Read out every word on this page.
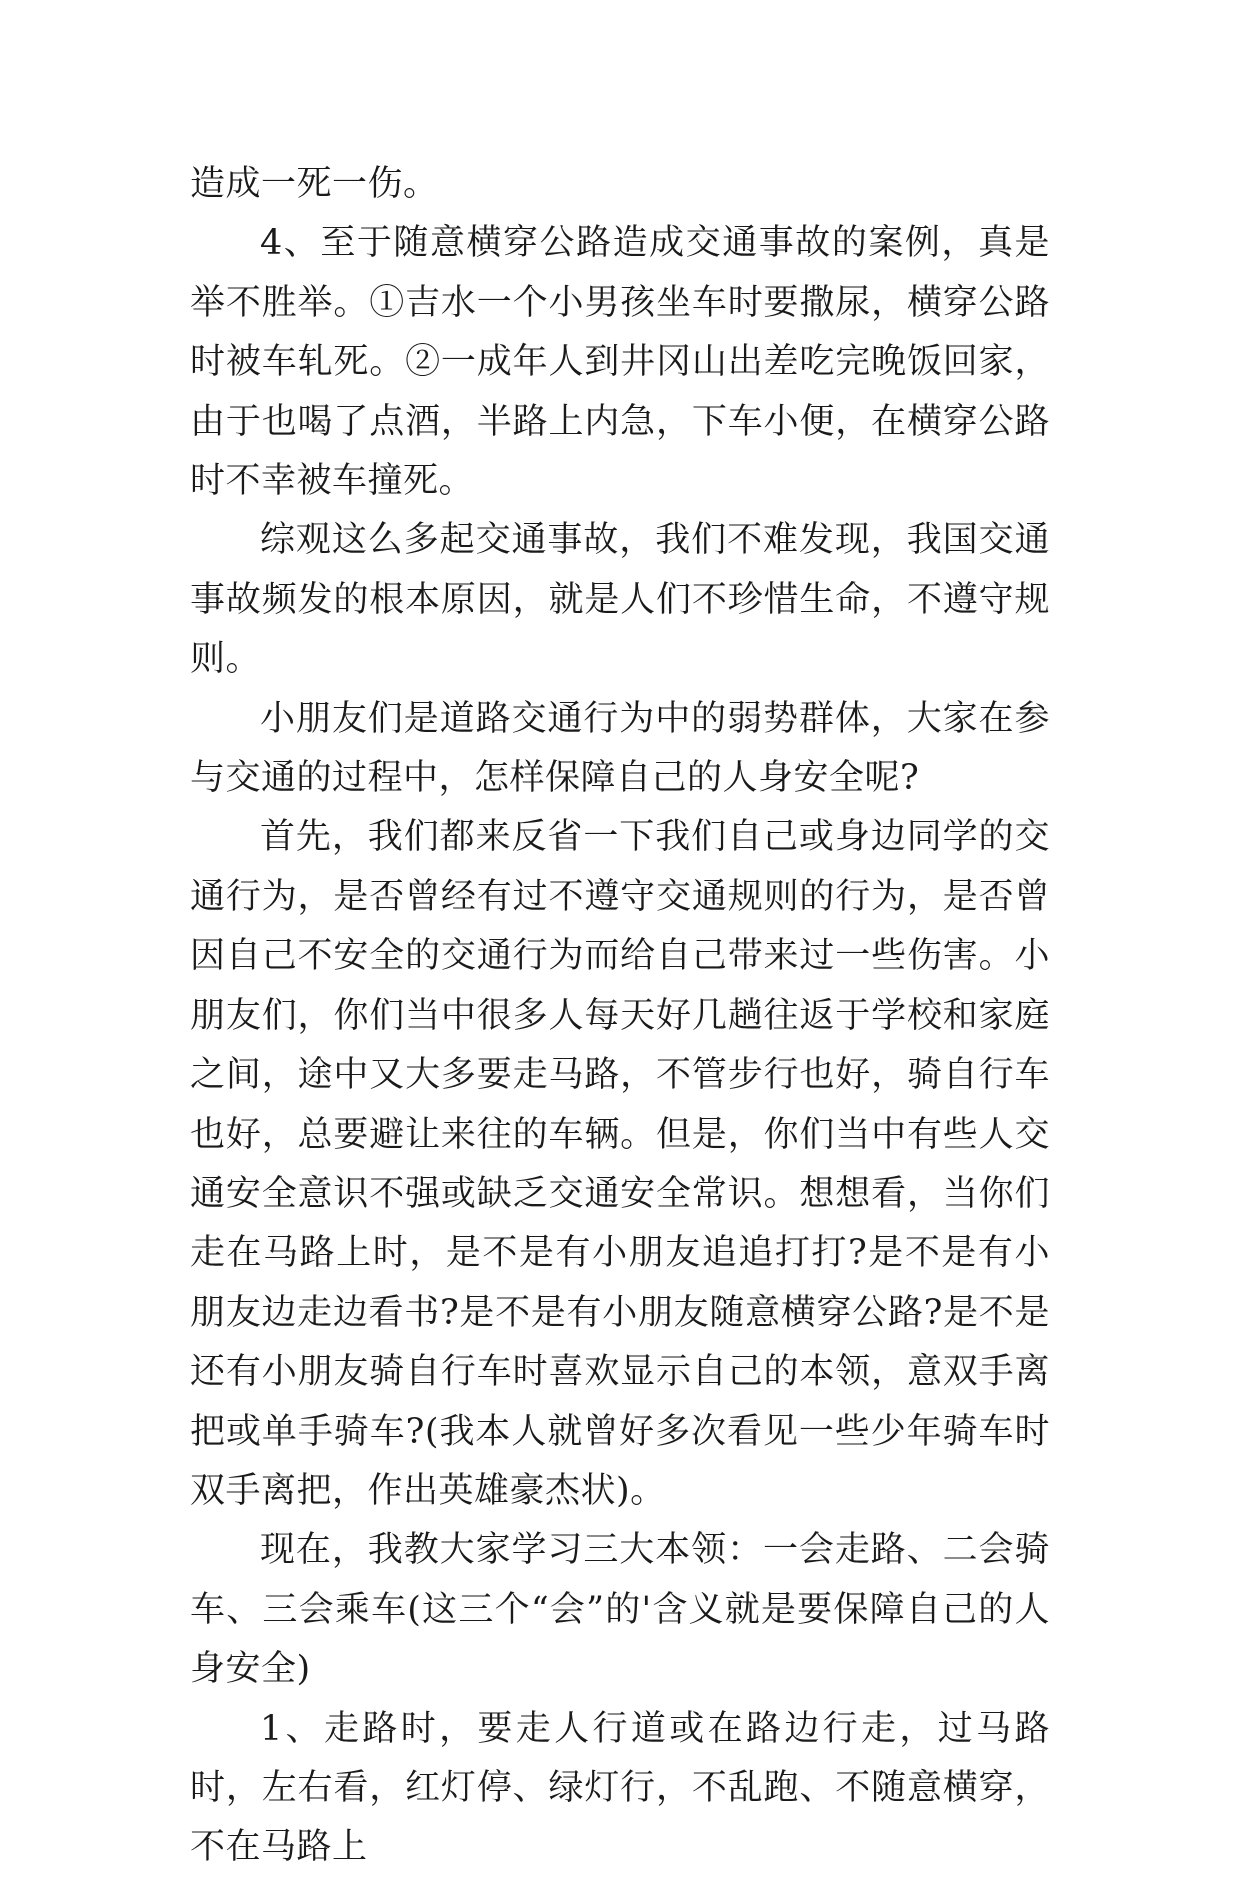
造成一死一伤。

4、至于随意横穿公路造成交通事故的案例，真是举不胜举。①吉水一个小男孩坐车时要撒尿，横穿公路时被车轧死。②一成年人到井冈山出差吃完晚饭回家，由于也喝了点酒，半路上内急，下车小便，在横穿公路时不幸被车撞死。

综观这么多起交通事故，我们不难发现，我国交通事故频发的根本原因，就是人们不珍惜生命，不遵守规则。

小朋友们是道路交通行为中的弱势群体，大家在参与交通的过程中，怎样保障自己的人身安全呢?

首先，我们都来反省一下我们自己或身边同学的交通行为，是否曾经有过不遵守交通规则的行为，是否曾因自己不安全的交通行为而给自己带来过一些伤害。小朋友们，你们当中很多人每天好几趟往返于学校和家庭之间，途中又大多要走马路，不管步行也好，骑自行车也好，总要避让来往的车辆。但是，你们当中有些人交通安全意识不强或缺乏交通安全常识。想想看，当你们走在马路上时，是不是有小朋友追追打打?是不是有小朋友边走边看书?是不是有小朋友随意横穿公路?是不是还有小朋友骑自行车时喜欢显示自己的本领，意双手离把或单手骑车?(我本人就曾好多次看见一些少年骑车时双手离把，作出英雄豪杰状)。

现在，我教大家学习三大本领：一会走路、二会骑车、三会乘车(这三个“会”的'含义就是要保障自己的人身安全)

1、走路时，要走人行道或在路边行走，过马路时，左右看，红灯停、绿灯行，不乱跑、不随意横穿，不在马路上
